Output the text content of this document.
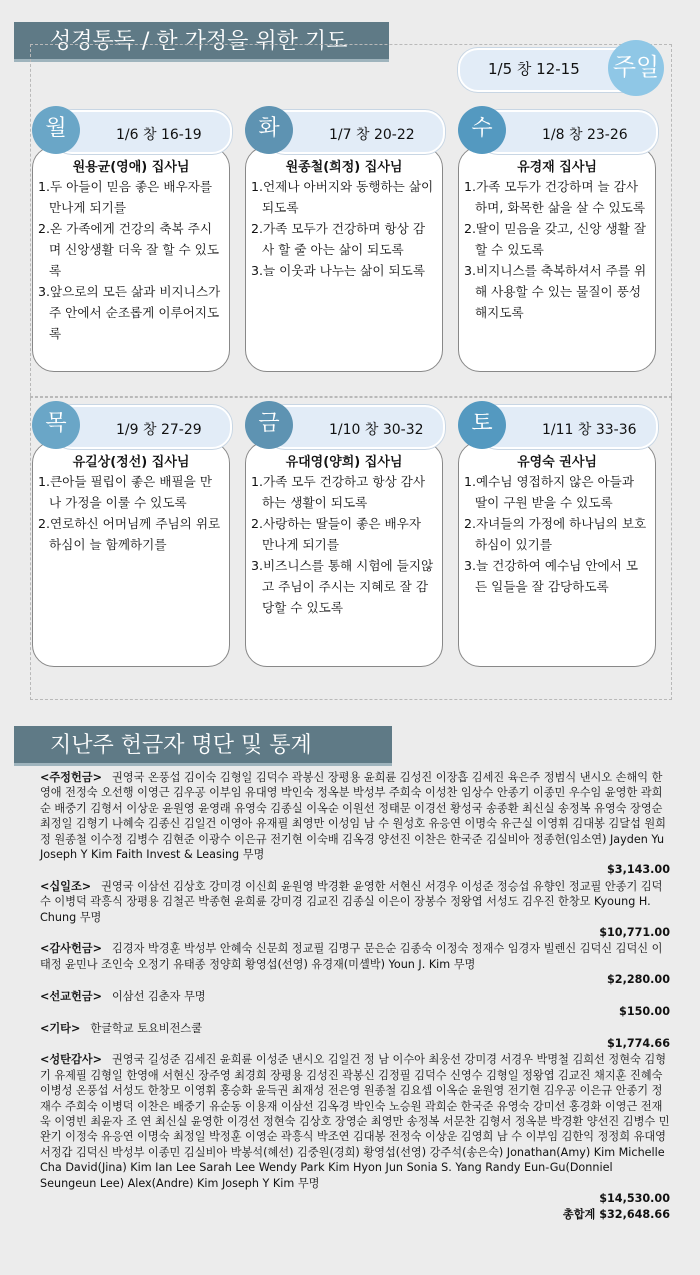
성경통독 / 한 가정을 위한 기도
1/5 창 12-15 주일
1/6 창 16-19
월
원용균(영애) 집사님
1.두 아들이 믿음 좋은 배우자를 만나게 되기를
2.온 가족에게 건강의 축복 주시며 신앙생활 더욱 잘 할 수 있도록
3.앞으로의 모든 삶과 비지니스가 주 안에서 순조롭게 이루어지도록
1/7 창 20-22
화
원종철(희정) 집사님
1.언제나 아버지와 동행하는 삶이 되도록
2.가족 모두가 건강하며 항상 감사 할 줄 아는 삶이 되도록
3.늘 이웃과 나누는 삶이 되도록
1/8 창 23-26
수
유경재 집사님
1.가족 모두가 건강하며 늘 감사하며, 화목한 삶을 살 수 있도록
2.딸이 믿음을 갖고, 신앙 생활 잘 할 수 있도록
3.비지니스를 축복하셔서 주를 위해 사용할 수 있는 물질이 풍성해지도록
1/9 창 27-29
목
유길상(정선) 집사님
1.큰아들 필립이 좋은 배필을 만나 가정을 이룰 수 있도록
2.연로하신 어머님께 주님의 위로하심이 늘 함께하기를
1/10 창 30-32
금
유대영(양희) 집사님
1.가족 모두 건강하고 항상 감사하는 생활이 되도록
2.사랑하는 딸들이 좋은 배우자 만나게 되기를
3.비즈니스를 통해 시험에 들지않고 주님이 주시는 지혜로 잘 감당할 수 있도록
1/11 창 33-36
토
유영숙 권사님
1.예수님 영접하지 않은 아들과 딸이 구원 받을 수 있도록
2.자녀들의 가정에 하나님의 보호하심이 있기를
3.늘 건강하여 예수님 안에서 모든 일들을 잘 감당하도록
지난주 헌금자 명단 및 통계
<주정헌금> 권영국 온풍섭 김이숙 김형일 김덕수 곽봉신 장평용 윤희륜 김성진 이장흡 김세진 육은주 정범식 낸시오 손해익 한영애 전정숙 오선행 이영근 김우공 이부임 유대영 박인숙 정옥분 박성부 주희숙 이성찬 임상수 안종기 이종민 우수임 윤영한 곽희순 배중기 김형서 이상운 윤원영 윤영래 유영숙 김종실 이옥순 이원선 정태문 이경선 황성국 송종환 최신실 송정복 유영숙 장영순 최정일 김형기 나혜숙 김종신 김일건 이영아 유재필 최영만 이성임 남 수 원성호 유응연 이명숙 유근실 이영휘 김대봉 김달섭 원희정 원종철 이수정 김병수 김현준 이광수 이은규 전기현 이숙배 김옥경 양선진 이찬은 한국준 김실비아 정종헌(임소연) Jayden Yu Joseph Y Kim Faith Invest & Leasing 무명
$3,143.00
<십일조> 권영국 이삼선 김상호 강미경 이신희 윤원영 박경환 윤영한 서현신 서경우 이성준 정승섭 유향인 정교필 안종기 김덕수 이병덕 곽흥식 장평용 김철곤 박종현 윤희륜 강미경 김교진 김종실 이은이 장봉수 정왕엽 서성도 김우진 한창모 Kyoung H. Chung 무명
$10,771.00
<감사헌금> 김경자 박경훈 박성부 안혜숙 신문희 정교필 김명구 문은순 김종숙 이정숙 정재수 임경자 빌렌신 김덕신 김덕신 이태정 윤민나 조인숙 오정기 유태종 정양희 황영섭(선영) 유경재(미셸박) Youn J. Kim 무명
$2,280.00
<선교헌금> 이삼선 김춘자 무명
$150.00
<기타> 한글학교 토요비전스쿨
$1,774.66
<성탄감사> 권영국 길성준 김세진 윤희륜 이성준 낸시오 김일건 정 남 이수아 최웅선 강미경 서경우 박명철 김희선 정현숙 김형기 유제필 김형일 한영애 서현신 장주영 최경희 장평용 김성진 곽봉신 김정필 김덕수 신영수 김형일 정왕엽 김교진 채지훈 진혜숙 이병성 온풍섭 서성도 한창모 이영휘 홍승화 윤득권 최재성 전은영 원종철 김요셉 이옥순 윤원영 전기현 김우공 이은규 안종기 정재수 주희숙 이병덕 이찬은 배중기 유순동 이용재 이삼선 김옥경 박인숙 노승원 곽희순 한국준 유영숙 강미선 홍경화 이영근 전재욱 이영빈 최윤자 조 연 최신실 윤영한 이경선 정현숙 김상호 장영순 최영만 송정복 서문찬 김형서 정옥분 박경환 양선진 김병수 민완기 이정숙 유응연 이명숙 최정일 박정훈 이영순 곽흥식 박조연 김대봉 전정숙 이상운 김영희 남 수 이부임 김한익 정정희 유대영 서정갑 김덕신 박성부 이종민 김실비아 박봉석(혜선) 김중원(경희) 황영섭(선영) 강주석(송은숙) Jonathan(Amy) Kim Michelle Cha David(Jina) Kim Ian Lee Sarah Lee Wendy Park Kim Hyon Jun Sonia S. Yang Randy Eun-Gu(Donniel Seungeun Lee) Alex(Andre) Kim Joseph Y Kim 무명
$14,530.00
총합계 $32,648.66
